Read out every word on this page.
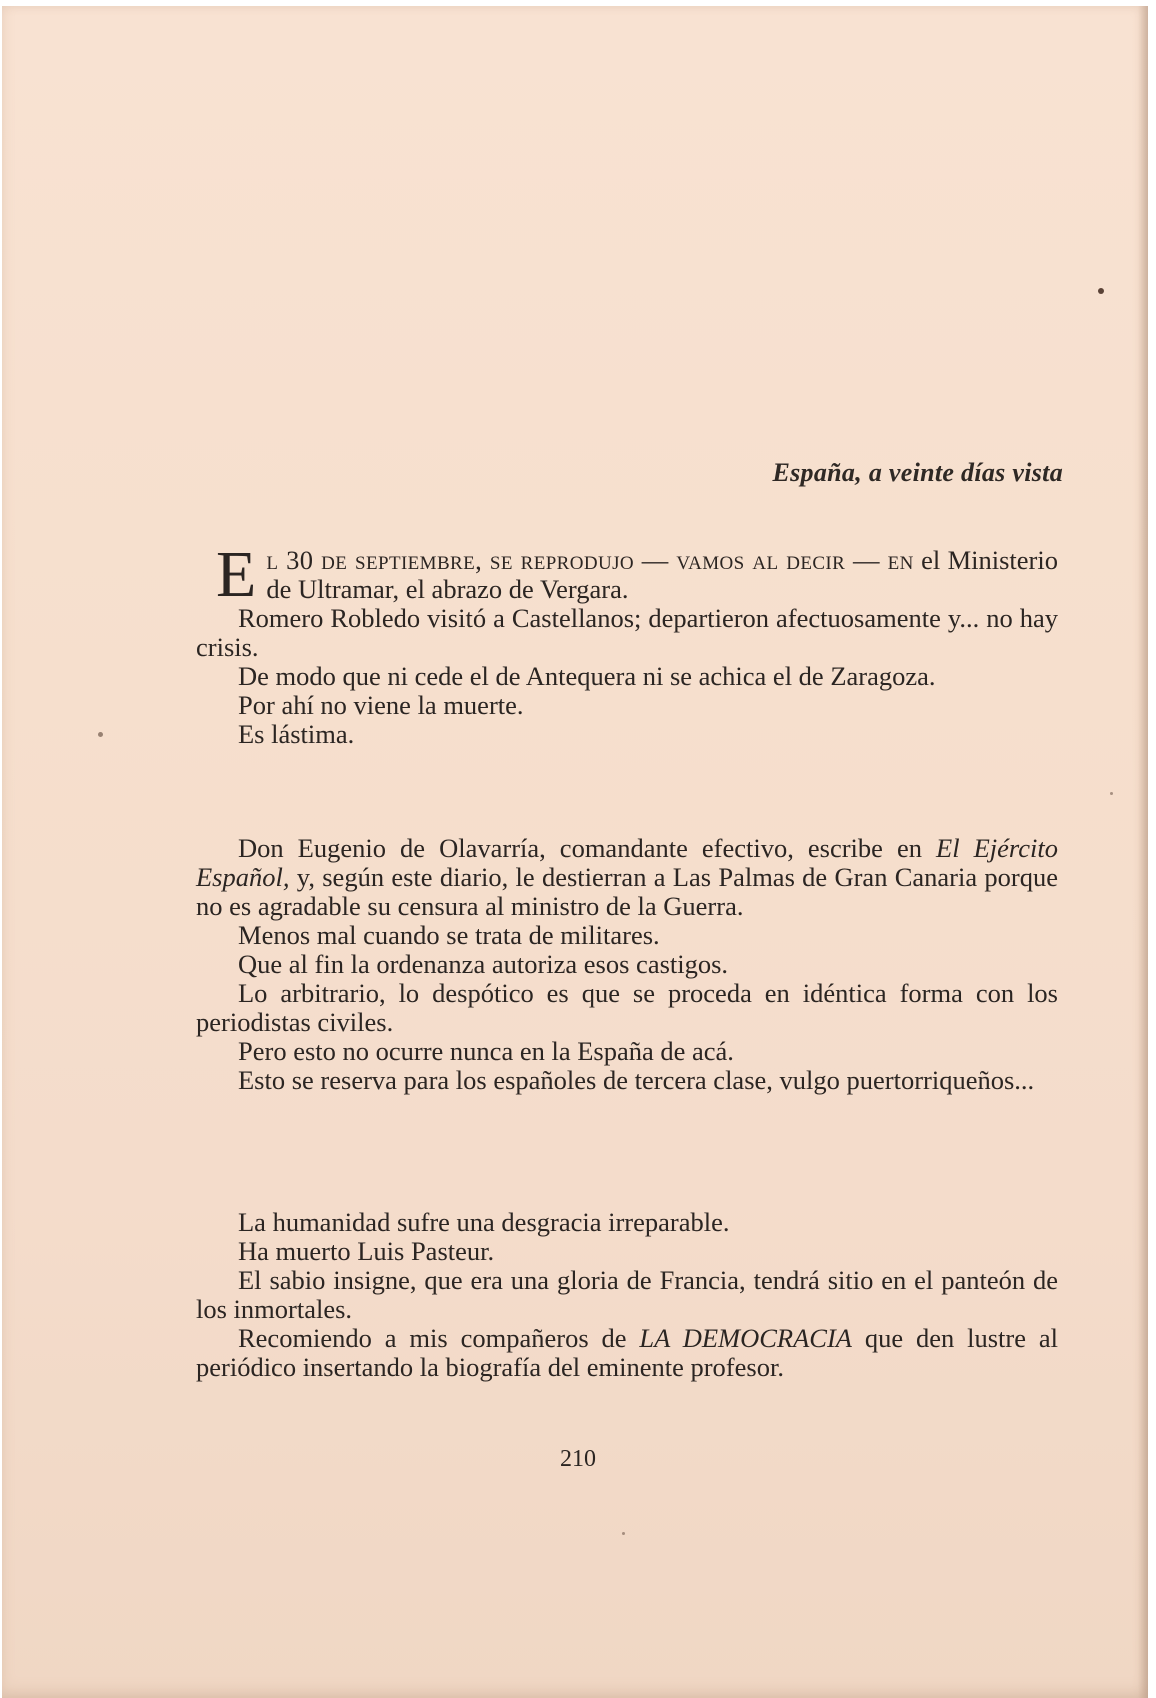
España, a veinte días vista
E l 30 de septiembre, se reprodujo — vamos al decir — en el Ministerio de Ultramar, el abrazo de Vergara.

Romero Robledo visitó a Castellanos; departieron afectuosamente y... no hay crisis.

De modo que ni cede el de Antequera ni se achica el de Zaragoza.

Por ahí no viene la muerte.

Es lástima.

Don Eugenio de Olavarría, comandante efectivo, escribe en El Ejército Español, y, según este diario, le destierran a Las Palmas de Gran Canaria porque no es agradable su censura al ministro de la Guerra.

Menos mal cuando se trata de militares.

Que al fin la ordenanza autoriza esos castigos.

Lo arbitrario, lo despótico es que se proceda en idéntica forma con los periodistas civiles.

Pero esto no ocurre nunca en la España de acá.

Esto se reserva para los españoles de tercera clase, vulgo puertorriqueños...

La humanidad sufre una desgracia irreparable.

Ha muerto Luis Pasteur.

El sabio insigne, que era una gloria de Francia, tendrá sitio en el panteón de los inmortales.

Recomiendo a mis compañeros de LA DEMOCRACIA que den lustre al periódico insertando la biografía del eminente profesor.

210
